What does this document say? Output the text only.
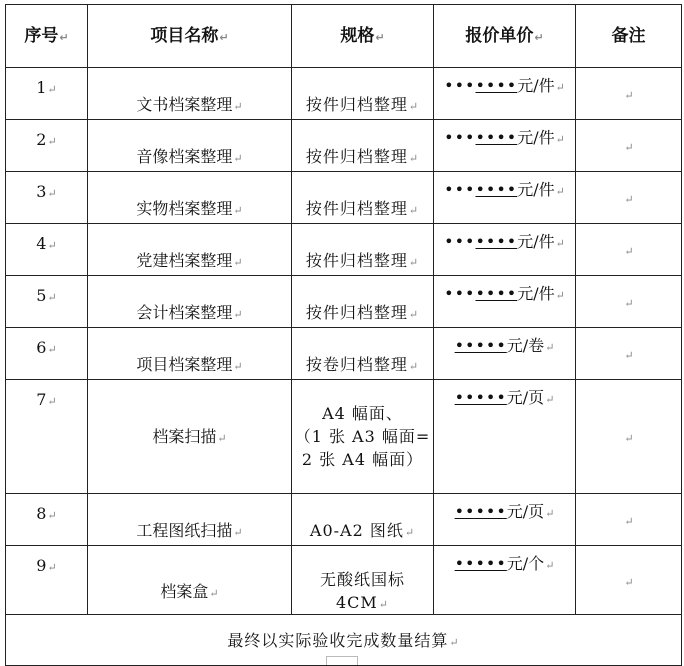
序号↵	项目名称↵	规格↵	报价单价↵	备注
1↵	文书档案整理↵	按件归档整理↵	•••••••元/件↵	↵
2↵	音像档案整理↵	按件归档整理↵	•••••••元/件↵	↵
3↵	实物档案整理↵	按件归档整理↵	•••••••元/件↵	↵
4↵	党建档案整理↵	按件归档整理↵	•••••••元/件↵	↵
5↵	会计档案整理↵	按件归档整理↵	•••••••元/件↵	↵
6↵	项目档案整理↵	按卷归档整理↵	•••••元/卷↵	↵
7↵	档案扫描↵	A4 幅面、
（1 张 A3 幅面=
2 张 A4 幅面）	•••••元/页↵	↵
8↵	工程图纸扫描↵	A0-A2 图纸↵	•••••元/页↵	↵
9↵	档案盒↵	无酸纸国标 4CM↵	•••••元/个↵	↵
最终以实际验收完成数量结算↵				
